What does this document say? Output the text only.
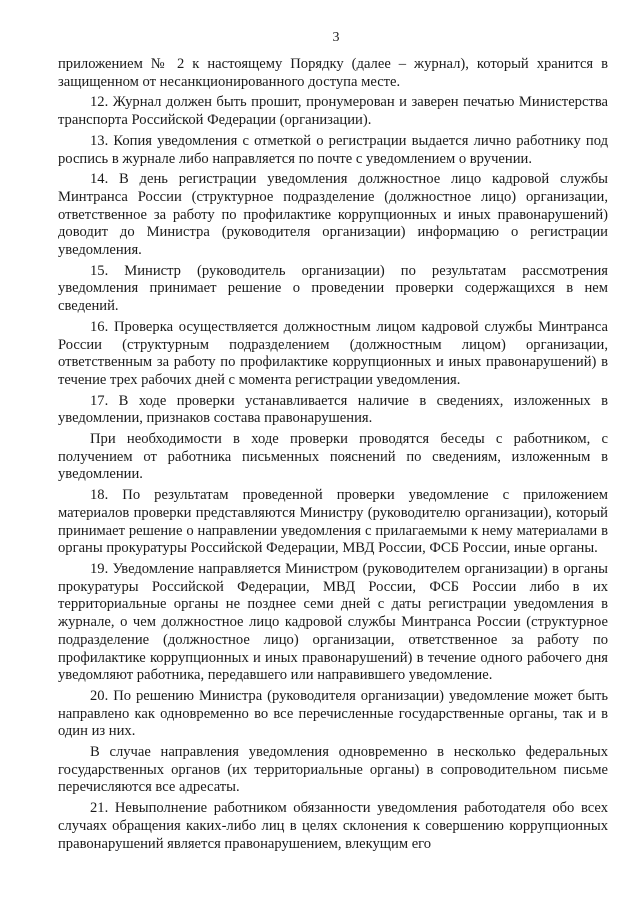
3

приложением № 2 к настоящему Порядку (далее – журнал), который хранится в защищенном от несанкционированного доступа месте.

12. Журнал должен быть прошит, пронумерован и заверен печатью Министерства транспорта Российской Федерации (организации).

13. Копия уведомления с отметкой о регистрации выдается лично работнику под роспись в журнале либо направляется по почте с уведомлением о вручении.

14. В день регистрации уведомления должностное лицо кадровой службы Минтранса России (структурное подразделение (должностное лицо) организации, ответственное за работу по профилактике коррупционных и иных правонарушений) доводит до Министра (руководителя организации) информацию о регистрации уведомления.

15. Министр (руководитель организации) по результатам рассмотрения уведомления принимает решение о проведении проверки содержащихся в нем сведений.

16. Проверка осуществляется должностным лицом кадровой службы Минтранса России (структурным подразделением (должностным лицом) организации, ответственным за работу по профилактике коррупционных и иных правонарушений) в течение трех рабочих дней с момента регистрации уведомления.

17. В ходе проверки устанавливается наличие в сведениях, изложенных в уведомлении, признаков состава правонарушения.

При необходимости в ходе проверки проводятся беседы с работником, с получением от работника письменных пояснений по сведениям, изложенным в уведомлении.

18. По результатам проведенной проверки уведомление с приложением материалов проверки представляются Министру (руководителю организации), который принимает решение о направлении уведомления с прилагаемыми к нему материалами в органы прокуратуры Российской Федерации, МВД России, ФСБ России, иные органы.

19. Уведомление направляется Министром (руководителем организации) в органы прокуратуры Российской Федерации, МВД России, ФСБ России либо в их территориальные органы не позднее семи дней с даты регистрации уведомления в журнале, о чем должностное лицо кадровой службы Минтранса России (структурное подразделение (должностное лицо) организации, ответственное за работу по профилактике коррупционных и иных правонарушений) в течение одного рабочего дня уведомляют работника, передавшего или направившего уведомление.

20. По решению Министра (руководителя организации) уведомление может быть направлено как одновременно во все перечисленные государственные органы, так и в один из них.

В случае направления уведомления одновременно в несколько федеральных государственных органов (их территориальные органы) в сопроводительном письме перечисляются все адресаты.

21. Невыполнение работником обязанности уведомления работодателя обо всех случаях обращения каких-либо лиц в целях склонения к совершению коррупционных правонарушений является правонарушением, влекущим его
